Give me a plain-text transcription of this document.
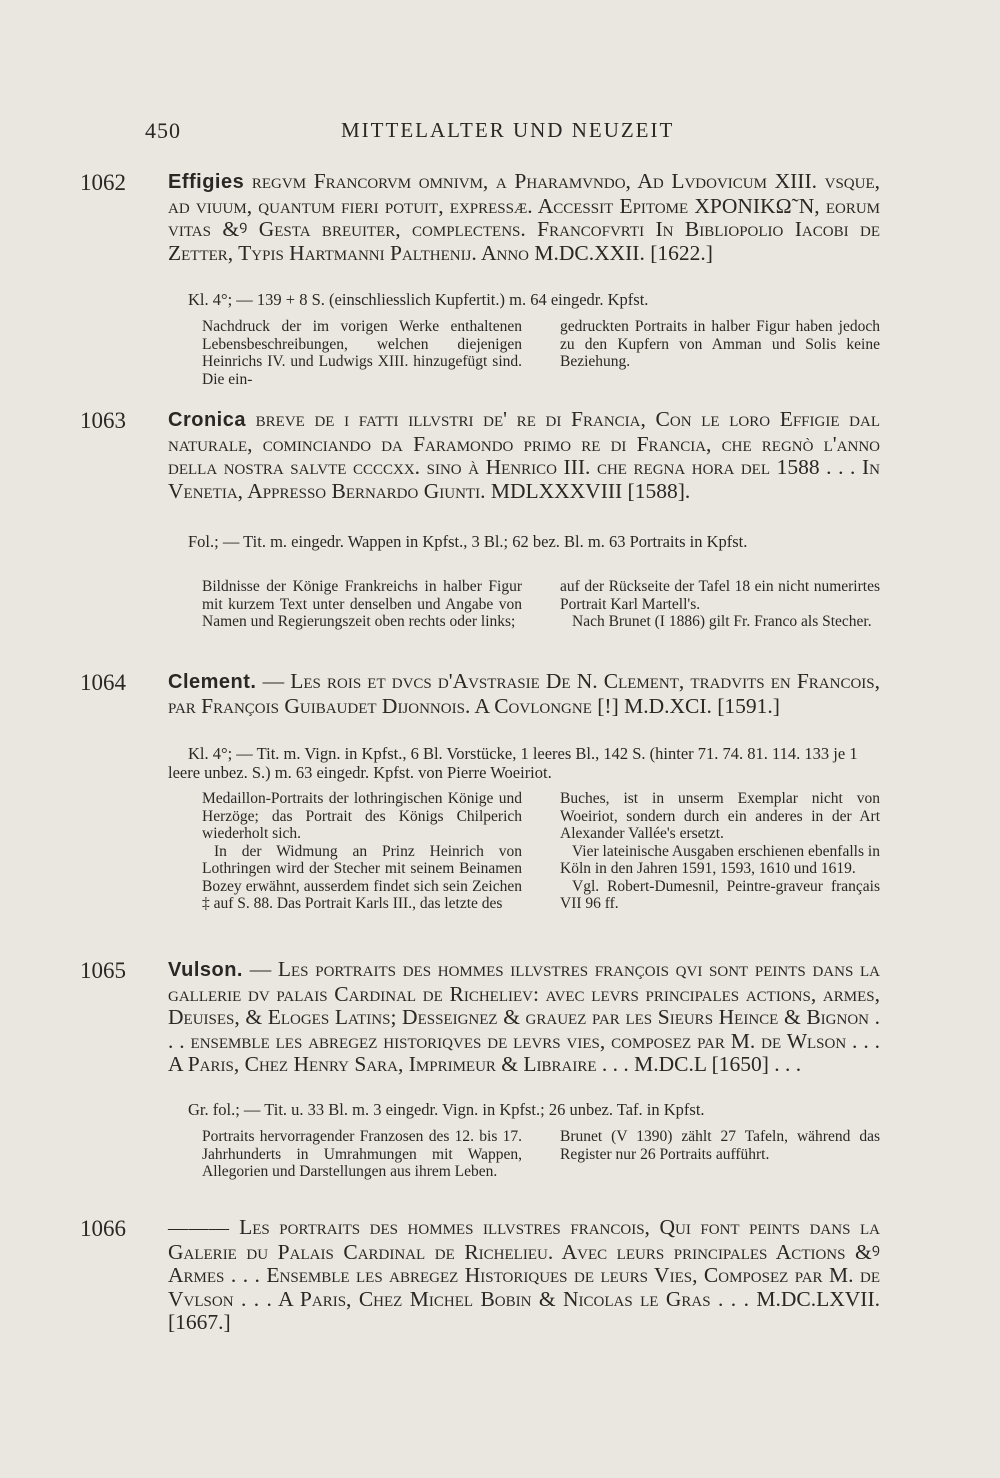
450	MITTELALTER UND NEUZEIT
1062 Effigies regvm Francorvm omnivm, a Pharamvndo, Ad Lvdovicum XIII. vſque, ad viuum, quantum fieri potuit, expreſſæ. Accessit Epitome XPONIKΩ˜N, eorum vitas &ꝰ Geſta breuiter, complectens. Francofvrti In Bibliopolio Iacobi de Zetter, Typis Hartmanni Palthenij. Anno M.DC.XXII. [1622.]
Kl. 4°; — 139 + 8 S. (einschliesslich Kupfertit.) m. 64 eingedr. Kpfst.

Nachdruck der im vorigen Werke enthaltenen Lebensbeschreibungen, welchen diejenigen Heinrichs IV. und Ludwigs XIII. hinzugefügt sind. Die ein-

gedruckten Portraits in halber Figur haben jedoch zu den Kupfern von Amman und Solis keine Beziehung.

1063 Cronica breve de i fatti illvstri de' re di Francia, Con le loro Effigie dal naturale, cominciando da Faramondo primo re di Francia, che regnò l'anno della nostra salvte ccccxx. sino à Henrico III. che regna hora del 1588 . . . In Venetia, Appreſſo Bernardo Giunti. MDLXXXVIII [1588].
Fol.; — Tit. m. eingedr. Wappen in Kpfst., 3 Bl.; 62 bez. Bl. m. 63 Portraits in Kpfst.

Bildnisse der Könige Frankreichs in halber Figur mit kurzem Text unter denselben und Angabe von Namen und Regierungszeit oben rechts oder links;

auf der Rückseite der Tafel 18 ein nicht numerirtes Portrait Karl Martell's.

Nach Brunet (I 1886) gilt Fr. Franco als Stecher.

1064 Clement. — Les rois et dvcs d'Avstrasie De N. Clement, tradvits en Francois, par François Guibaudet Dijonnois. A Covlongne [!] M.D.XCI. [1591.]
Kl. 4°; — Tit. m. Vign. in Kpfst., 6 Bl. Vorstücke, 1 leeres Bl., 142 S. (hinter 71. 74. 81. 114. 133 je 1 leere unbez. S.) m. 63 eingedr. Kpfst. von Pierre Woeiriot.

Medaillon-Portraits der lothringischen Könige und Herzöge; das Portrait des Königs Chilperich wiederholt sich.

In der Widmung an Prinz Heinrich von Lothringen wird der Stecher mit seinem Beinamen Bozey erwähnt, ausserdem findet sich sein Zeichen ‡ auf S. 88. Das Portrait Karls III., das letzte des

Buches, ist in unserm Exemplar nicht von Woeiriot, sondern durch ein anderes in der Art Alexander Vallée's ersetzt.

Vier lateinische Ausgaben erschienen ebenfalls in Köln in den Jahren 1591, 1593, 1610 und 1619.

Vgl. Robert-Dumesnil, Peintre-graveur français VII 96 ff.

1065 Vulson. — Les portraits des hommes illvstres françois qvi sont peints dans la gallerie dv palais Cardinal de Richeliev: avec levrs principales actions, armes, Deuiſes, & Eloges Latins; Deſſeignez & grauez par les Sieurs Heince & Bignon . . . ensemble les abregez historiqves de levrs vies, composez par M. de Wlson . . . A Paris, Chez Henry Sara, Imprimeur & Libraire . . . M.DC.L [1650] . . .
Gr. fol.; — Tit. u. 33 Bl. m. 3 eingedr. Vign. in Kpfst.; 26 unbez. Taf. in Kpfst.

Portraits hervorragender Franzosen des 12. bis 17. Jahrhunderts in Umrahmungen mit Wappen, Allegorien und Darstellungen aus ihrem Leben.

Brunet (V 1390) zählt 27 Tafeln, während das Register nur 26 Portraits aufführt.

1066 ——— Les portraits des hommes illvstres francois, Qui font peints dans la Galerie du Palais Cardinal de Richelieu. Avec leurs principales Actions &ꝰ Armes . . . Ensemble les abregez Hiſtoriques de leurs Vies, Compoſez par M. de Vvlson . . . A Paris, Chez Michel Bobin & Nicolas le Gras . . . M.DC.LXVII. [1667.]
